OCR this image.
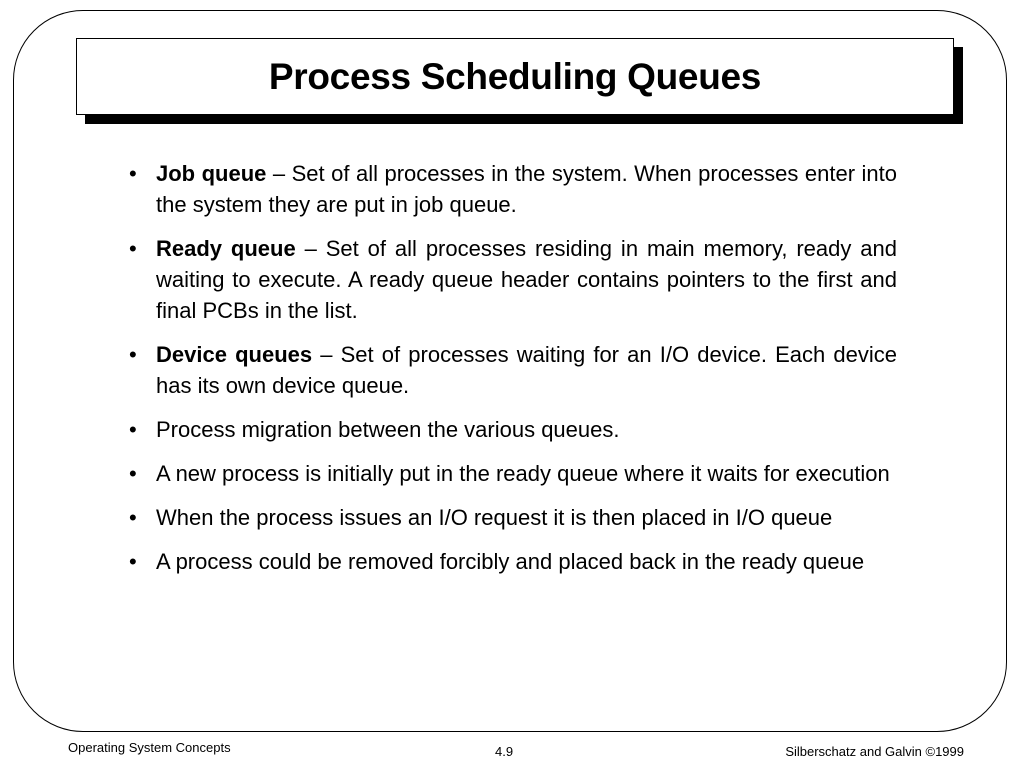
Process Scheduling Queues
• Job queue – Set of all processes in the system. When processes enter into the system they are put in job queue.
• Ready queue – Set of all processes residing in main memory, ready and waiting to execute. A ready queue header contains pointers to the first and final PCBs in the list.
• Device queues – Set of processes waiting for an I/O device. Each device has its own device queue.
• Process migration between the various queues.
• A new process is initially put in the ready queue where it waits for execution
• When the process issues an I/O request it is then placed in I/O queue
• A process could be removed forcibly and placed back in the ready queue
Operating System Concepts	4.9	Silberschatz and Galvin ©1999
